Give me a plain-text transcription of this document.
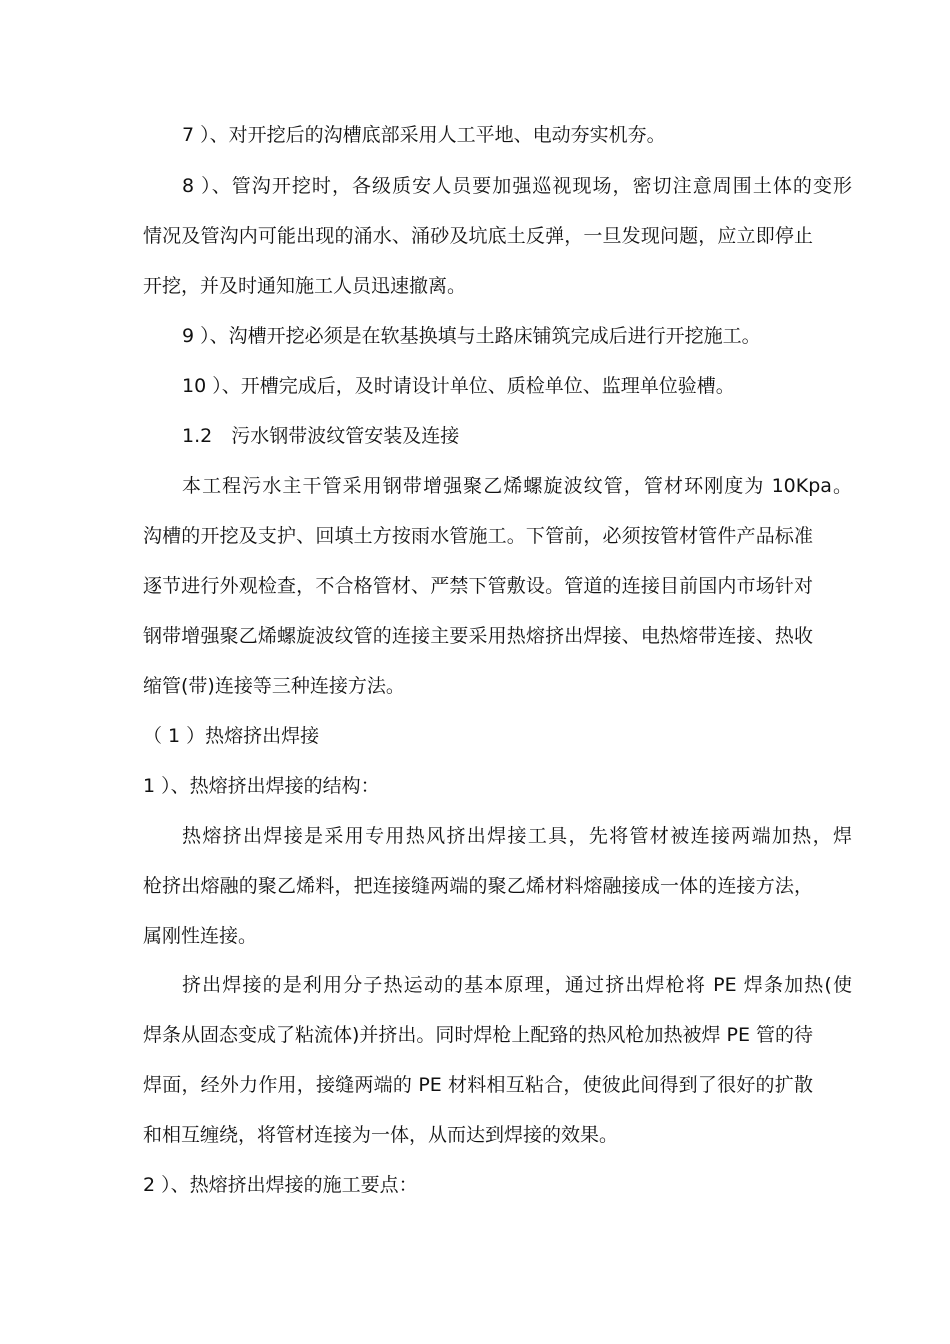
7 ）、对开挖后的沟槽底部采用人工平地、电动夯实机夯。
8 ）、管沟开挖时，各级质安人员要加强巡视现场，密切注意周围土体的变形
情况及管沟内可能出现的涌水、涌砂及坑底土反弹，一旦发现问题，应立即停止
开挖，并及时通知施工人员迅速撤离。
9 ）、沟槽开挖必须是在软基换填与土路床铺筑完成后进行开挖施工。
10 ）、开槽完成后，及时请设计单位、质检单位、监理单位验槽。
1.2　污水钢带波纹管安装及连接
本工程污水主干管采用钢带增强聚乙烯螺旋波纹管，管材环刚度为 10Kpa。
沟槽的开挖及支护、回填土方按雨水管施工。下管前，必须按管材管件产品标准
逐节进行外观检查，不合格管材、严禁下管敷设。管道的连接目前国内市场针对
钢带增强聚乙烯螺旋波纹管的连接主要采用热熔挤出焊接、电热熔带连接、热收
缩管(带)连接等三种连接方法。
（ 1 ）热熔挤出焊接
1 ）、热熔挤出焊接的结构：
热熔挤出焊接是采用专用热风挤出焊接工具，先将管材被连接两端加热，焊
枪挤出熔融的聚乙烯料，把连接缝两端的聚乙烯材料熔融接成一体的连接方法，
属刚性连接。
挤出焊接的是利用分子热运动的基本原理，通过挤出焊枪将 PE 焊条加热(使
焊条从固态变成了粘流体)并挤出。同时焊枪上配臵的热风枪加热被焊 PE 管的待
焊面，经外力作用，接缝两端的 PE 材料相互粘合，使彼此间得到了很好的扩散
和相互缠绕，将管材连接为一体，从而达到焊接的效果。
2 ）、热熔挤出焊接的施工要点：
